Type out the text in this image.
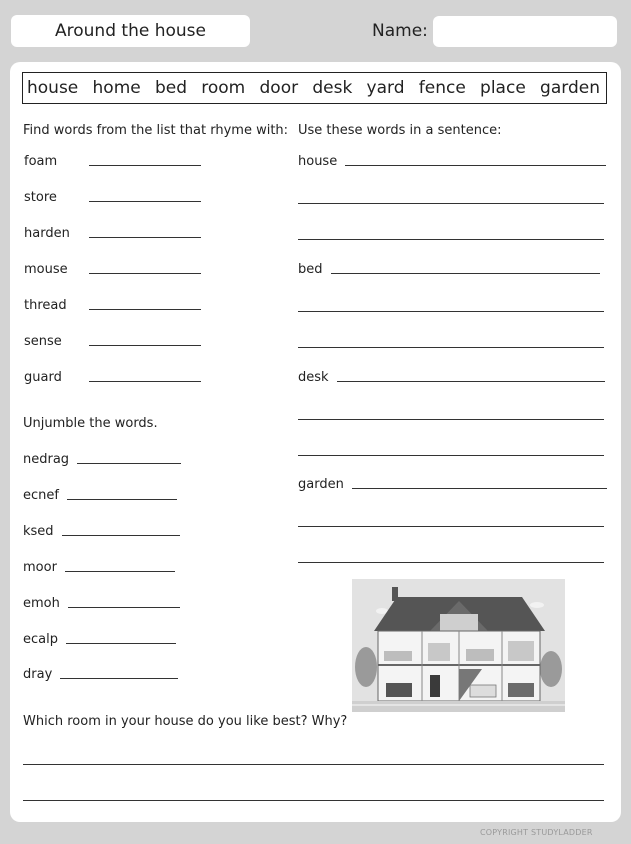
Around the house	Name:
house home bed room door desk yard fence place garden
Find words from the list that rhyme with:
foam
store
harden
mouse
thread
sense
guard
Unjumble the words.
nedrag
ecnef
ksed
moor
emoh
ecalp
dray
Use these words in a sentence:
house
bed
desk
garden
Which room in your house do you like best? Why?
COPYRIGHT STUDYLADDER
